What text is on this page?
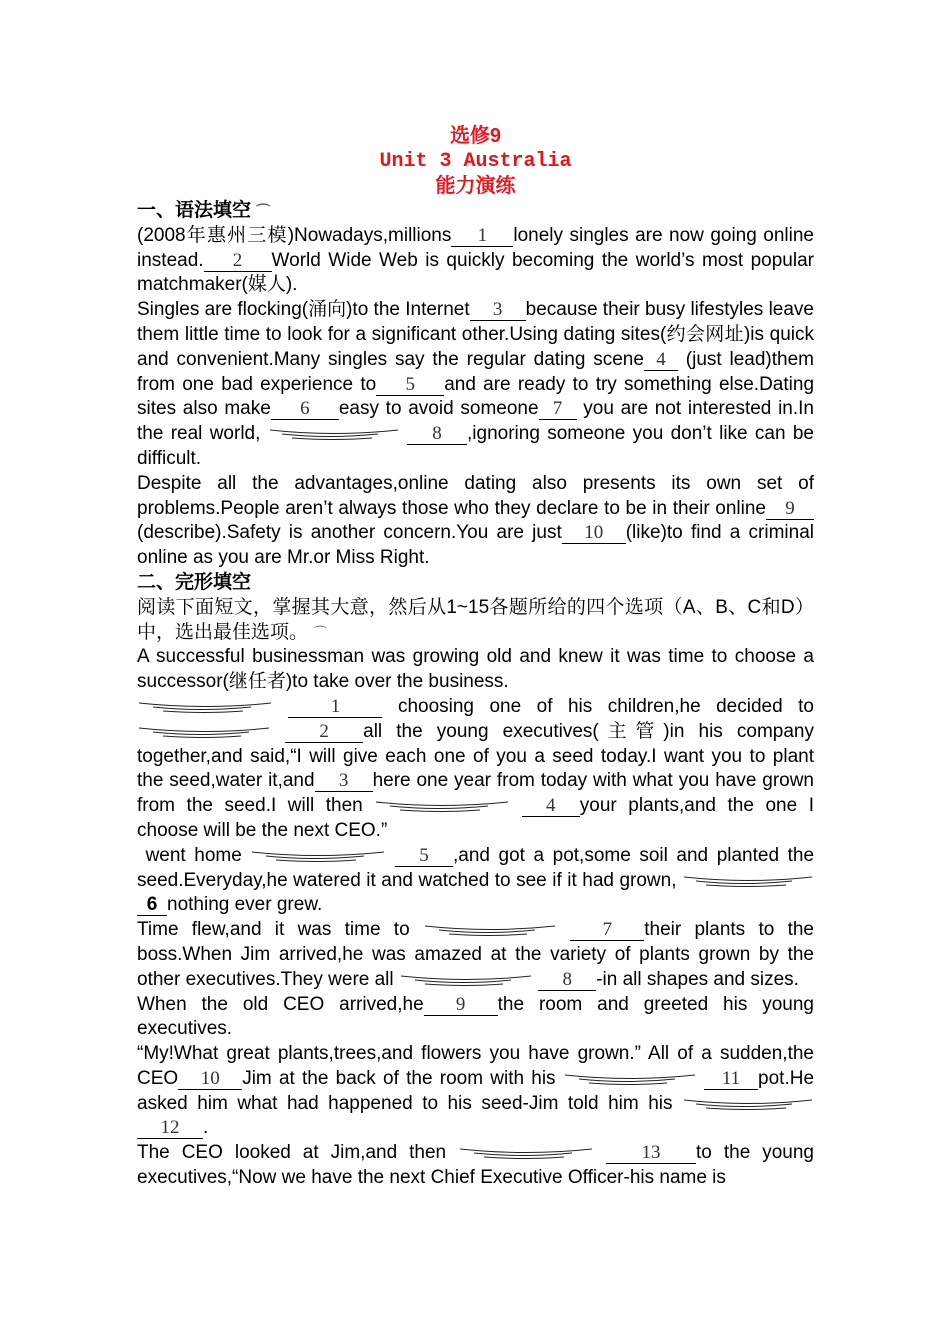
选修9
Unit 3 Australia
能力演练
一、语法填空 ⌒

(2008年惠州三模)Nowadays,millions 1 lonely singles are now going online instead. 2 World Wide Web is quickly becoming the world’s most popular matchmaker(媒人).

Singles are flocking(涌向)to the Internet 3 because their busy lifestyles leave them little time to look for a significant other.Using dating sites(约会网址)is quick and convenient.Many singles say the regular dating scene 4 (just lead)them from one bad experience to 5 and are ready to try something else.Dating sites also make 6 easy to avoid someone 7 you are not interested in.In the real world,	8 ,ignoring someone you don’t like can be difficult.

Despite all the advantages,online dating also presents its own set of problems.People aren’t always those who they declare to be in their online 9(describe).Safety is another concern.You are just 10 (like)to find a criminal online as you are Mr.or Miss Right.

二、完形填空

阅读下面短文，掌握其大意，然后从1~15各题所给的四个选项（A、B、C和D）中，选出最佳选项。 ⌒

A successful businessman was growing old and knew it was time to choose a successor(继任者)to take over the business.

1	choosing one of his children,he decided to
2 all the young executives(主管)in his company together,and said,“I will give each one of you a seed today.I want you to plant the seed,water it,and 3 here one year from today with what you have grown from the seed.I will then	4 your plants,and the one I choose will be the next CEO.”

went home	5 ,and got a pot,some soil and planted the seed.Everyday,he watered it and watched to see if it had grown,
6 nothing ever grew.

Time flew,and it was time to	7 their plants to the boss.When Jim arrived,he was amazed at the variety of plants grown by the other executives.They were all	8 -in all shapes and sizes.

When the old CEO arrived,he 9 the room and greeted his young executives.

“My!What great plants,trees,and flowers you have grown.” All of a sudden,the CEO 10 Jim at the back of the room with his	11 pot.He asked him what had happened to his seed-Jim told him his
12 .

The CEO looked at Jim,and then	13 to the young executives,“Now we have the next Chief Executive Officer-his name is
